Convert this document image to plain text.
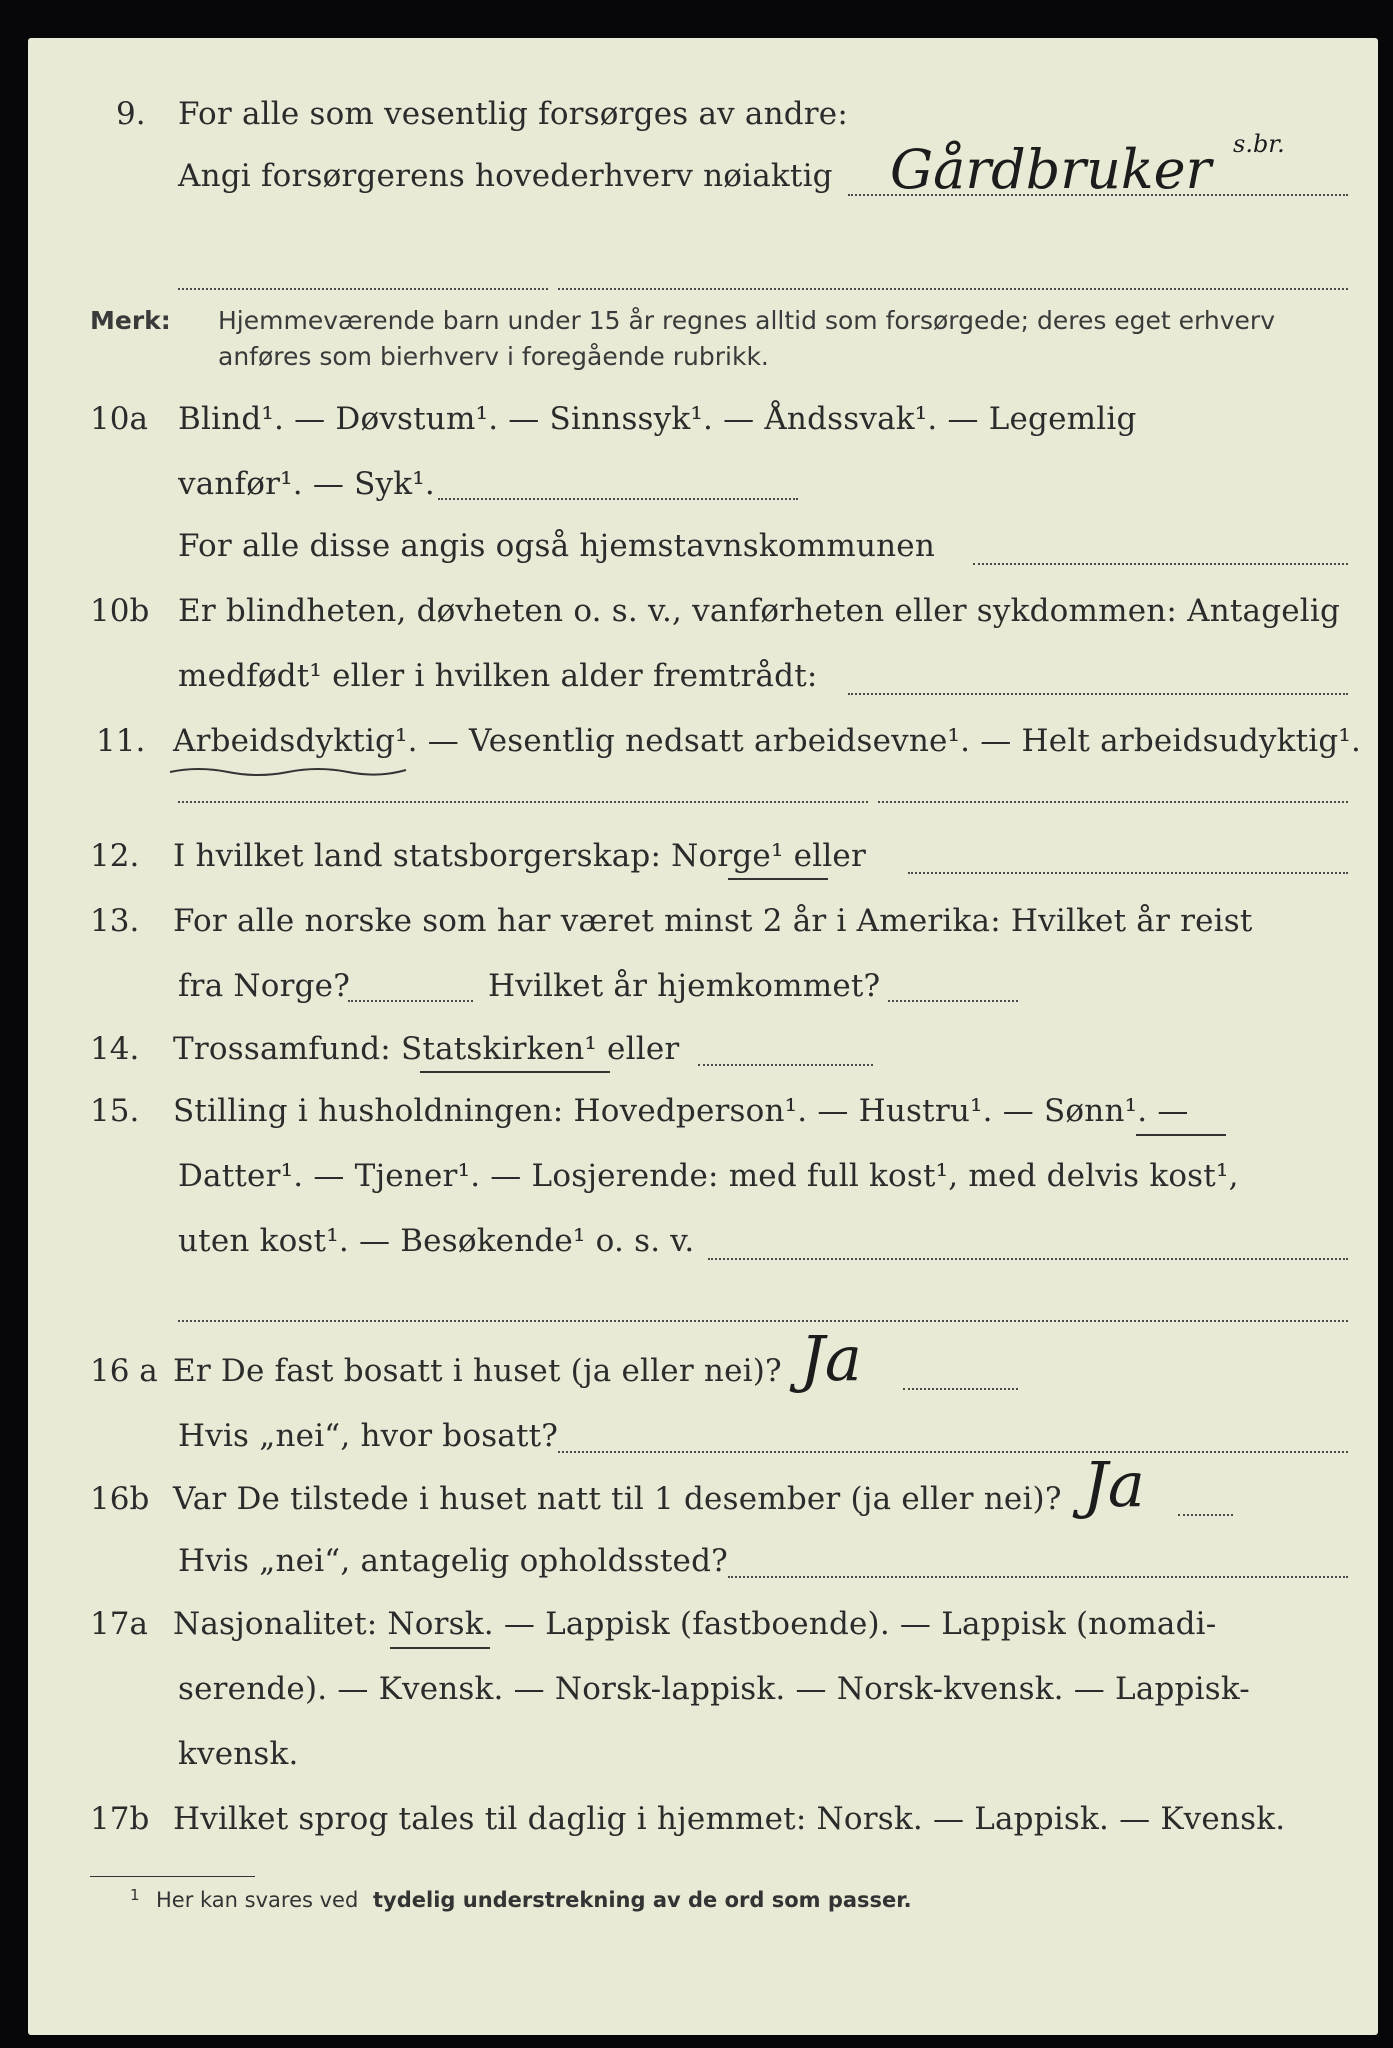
9. For alle som vesentlig forsørges av andre:
Angi forsørgerens hovederhverv nøiaktig Gårdbruker s.br.
Merk: Hjemmeværende barn under 15 år regnes alltid som forsørgede; deres eget erhverv
anføres som bierhverv i foregående rubrikk.
10a Blind¹. — Døvstum¹. — Sinnssyk¹. — Åndssvak¹. — Legemlig
vanfør¹. — Syk¹.
For alle disse angis også hjemstavnskommunen
10b Er blindheten, døvheten o. s. v., vanførheten eller sykdommen: Antagelig
medfødt¹ eller i hvilken alder fremtrådt:
11. Arbeidsdyktig¹. — Vesentlig nedsatt arbeidsevne¹. — Helt arbeidsudyktig¹.
12. I hvilket land statsborgerskap: Norge¹ eller
13. For alle norske som har været minst 2 år i Amerika: Hvilket år reist
fra Norge?	Hvilket år hjemkommet?
14. Trossamfund: Statskirken¹ eller
15. Stilling i husholdningen: Hovedperson¹. — Hustru¹. — Sønn¹. —
Datter¹. — Tjener¹. — Losjerende: med full kost¹, med delvis kost¹,
uten kost¹. — Besøkende¹ o. s. v.
16 a Er De fast bosatt i huset (ja eller nei)? Ja
Hvis „nei“, hvor bosatt?
16b Var De tilstede i huset natt til 1 desember (ja eller nei)? Ja
Hvis „nei“, antagelig opholdssted?
17a Nasjonalitet: Norsk. — Lappisk (fastboende). — Lappisk (nomadi-
serende). — Kvensk. — Norsk-lappisk. — Norsk-kvensk. — Lappisk-
kvensk.
17b Hvilket sprog tales til daglig i hjemmet: Norsk. — Lappisk. — Kvensk.
1 Her kan svares ved tydelig understrekning av de ord som passer.
